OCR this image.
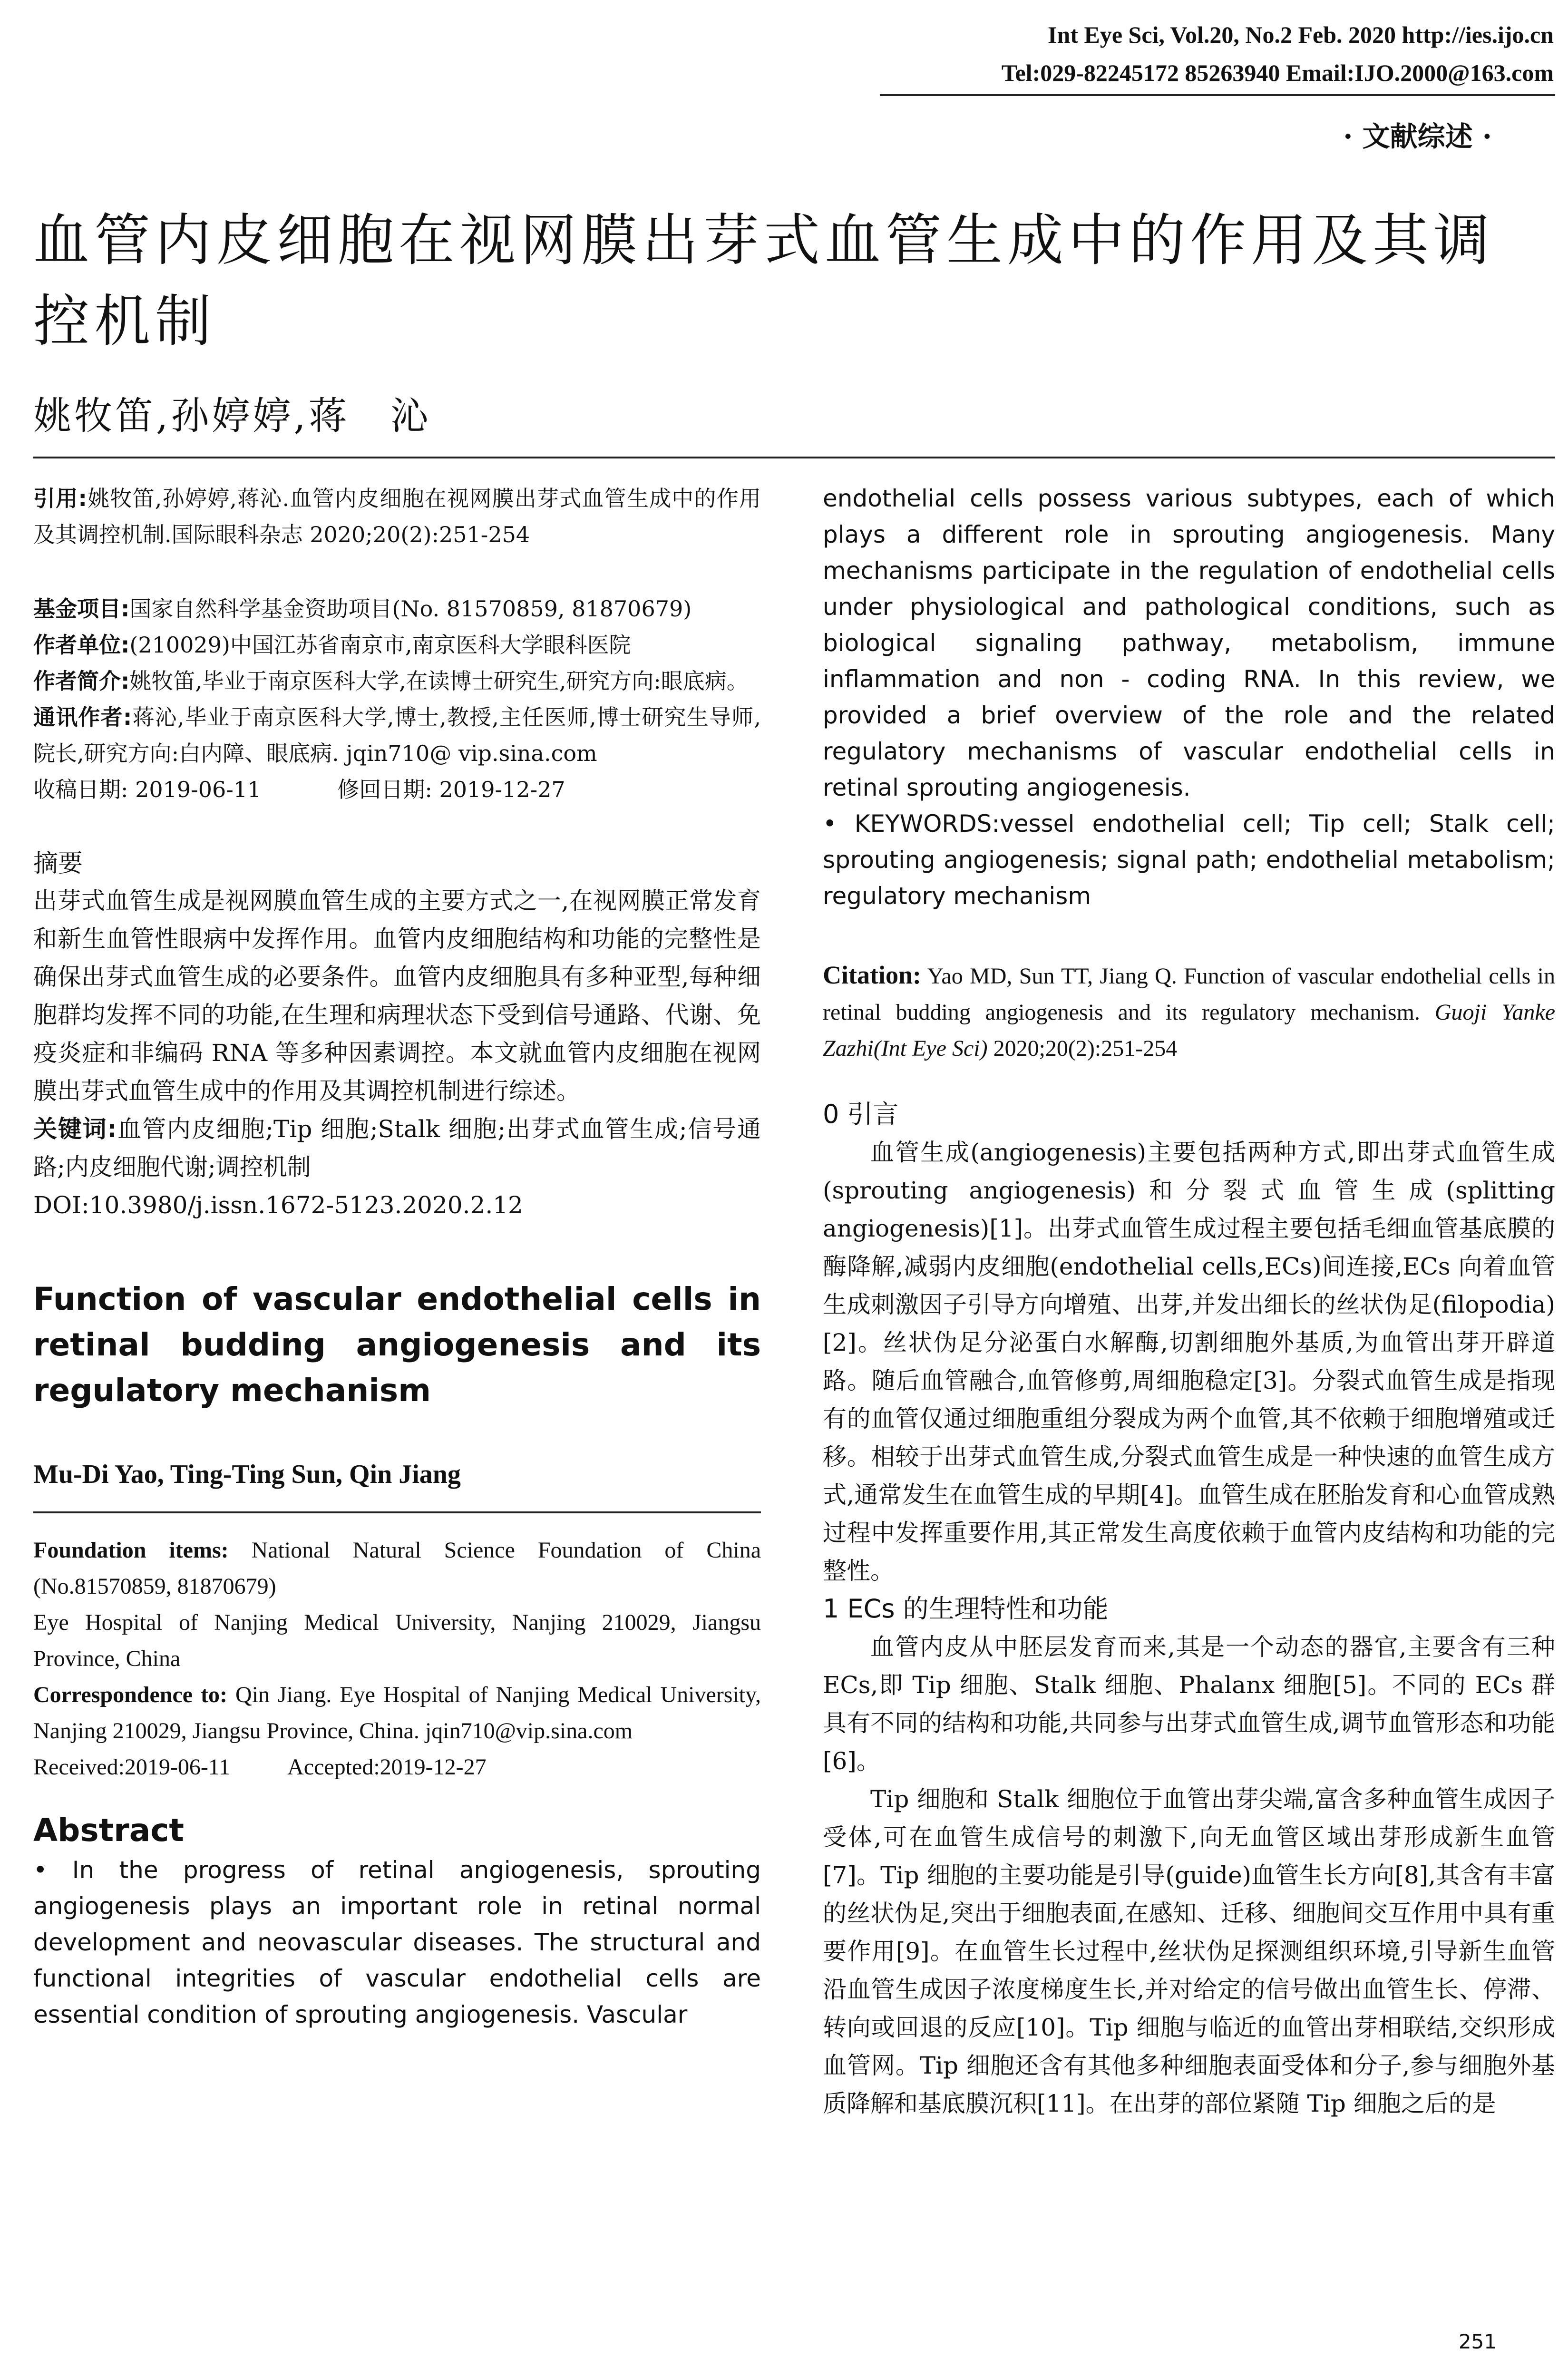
Int Eye Sci, Vol.20, No.2 Feb. 2020 http://ies.ijo.cn
Tel:029-82245172 85263940 Email:IJO.2000@163.com
· 文献综述 ·
血管内皮细胞在视网膜出芽式血管生成中的作用及其调控机制
姚牧笛,孙婷婷,蒋　沁

引用:姚牧笛,孙婷婷,蒋沁.血管内皮细胞在视网膜出芽式血管生成中的作用及其调控机制.国际眼科杂志 2020;20(2):251-254

基金项目:国家自然科学基金资助项目(No. 81570859, 81870679)

作者单位:(210029)中国江苏省南京市,南京医科大学眼科医院

作者简介:姚牧笛,毕业于南京医科大学,在读博士研究生,研究方向:眼底病。

通讯作者:蒋沁,毕业于南京医科大学,博士,教授,主任医师,博士研究生导师,院长,研究方向:白内障、眼底病. jqin710@ vip.sina.com

收稿日期: 2019-06-11	修回日期: 2019-12-27

摘要

出芽式血管生成是视网膜血管生成的主要方式之一,在视网膜正常发育和新生血管性眼病中发挥作用。血管内皮细胞结构和功能的完整性是确保出芽式血管生成的必要条件。血管内皮细胞具有多种亚型,每种细胞群均发挥不同的功能,在生理和病理状态下受到信号通路、代谢、免疫炎症和非编码 RNA 等多种因素调控。本文就血管内皮细胞在视网膜出芽式血管生成中的作用及其调控机制进行综述。

关键词:血管内皮细胞;Tip 细胞;Stalk 细胞;出芽式血管生成;信号通路;内皮细胞代谢;调控机制

DOI:10.3980/j.issn.1672-5123.2020.2.12

Function of vascular endothelial cells in retinal budding angiogenesis and its regulatory mechanism

Mu-Di Yao, Ting-Ting Sun, Qin Jiang

Foundation items: National Natural Science Foundation of China (No.81570859, 81870679)

Eye Hospital of Nanjing Medical University, Nanjing 210029, Jiangsu Province, China

Correspondence to: Qin Jiang. Eye Hospital of Nanjing Medical University, Nanjing 210029, Jiangsu Province, China. jqin710@vip.sina.com

Received:2019-06-11	Accepted:2019-12-27

Abstract

• In the progress of retinal angiogenesis, sprouting angiogenesis plays an important role in retinal normal development and neovascular diseases. The structural and functional integrities of vascular endothelial cells are essential condition of sprouting angiogenesis. Vascular

endothelial cells possess various subtypes, each of which plays a different role in sprouting angiogenesis. Many mechanisms participate in the regulation of endothelial cells under physiological and pathological conditions, such as biological signaling pathway, metabolism, immune inflammation and non - coding RNA. In this review, we provided a brief overview of the role and the related regulatory mechanisms of vascular endothelial cells in retinal sprouting angiogenesis.

• KEYWORDS:vessel endothelial cell; Tip cell; Stalk cell; sprouting angiogenesis; signal path; endothelial metabolism; regulatory mechanism

Citation: Yao MD, Sun TT, Jiang Q. Function of vascular endothelial cells in retinal budding angiogenesis and its regulatory mechanism. Guoji Yanke Zazhi(Int Eye Sci) 2020;20(2):251-254

0 引言

血管生成(angiogenesis)主要包括两种方式,即出芽式血管生成(sprouting angiogenesis)和分裂式血管生成(splitting angiogenesis)[1]。出芽式血管生成过程主要包括毛细血管基底膜的酶降解,减弱内皮细胞(endothelial cells,ECs)间连接,ECs 向着血管生成刺激因子引导方向增殖、出芽,并发出细长的丝状伪足(filopodia)[2]。丝状伪足分泌蛋白水解酶,切割细胞外基质,为血管出芽开辟道路。随后血管融合,血管修剪,周细胞稳定[3]。分裂式血管生成是指现有的血管仅通过细胞重组分裂成为两个血管,其不依赖于细胞增殖或迁移。相较于出芽式血管生成,分裂式血管生成是一种快速的血管生成方式,通常发生在血管生成的早期[4]。血管生成在胚胎发育和心血管成熟过程中发挥重要作用,其正常发生高度依赖于血管内皮结构和功能的完整性。

1 ECs 的生理特性和功能

血管内皮从中胚层发育而来,其是一个动态的器官,主要含有三种 ECs,即 Tip 细胞、Stalk 细胞、Phalanx 细胞[5]。不同的 ECs 群具有不同的结构和功能,共同参与出芽式血管生成,调节血管形态和功能[6]。

Tip 细胞和 Stalk 细胞位于血管出芽尖端,富含多种血管生成因子受体,可在血管生成信号的刺激下,向无血管区域出芽形成新生血管[7]。Tip 细胞的主要功能是引导(guide)血管生长方向[8],其含有丰富的丝状伪足,突出于细胞表面,在感知、迁移、细胞间交互作用中具有重要作用[9]。在血管生长过程中,丝状伪足探测组织环境,引导新生血管沿血管生成因子浓度梯度生长,并对给定的信号做出血管生长、停滞、转向或回退的反应[10]。Tip 细胞与临近的血管出芽相联结,交织形成血管网。Tip 细胞还含有其他多种细胞表面受体和分子,参与细胞外基质降解和基底膜沉积[11]。在出芽的部位紧随 Tip 细胞之后的是

251
